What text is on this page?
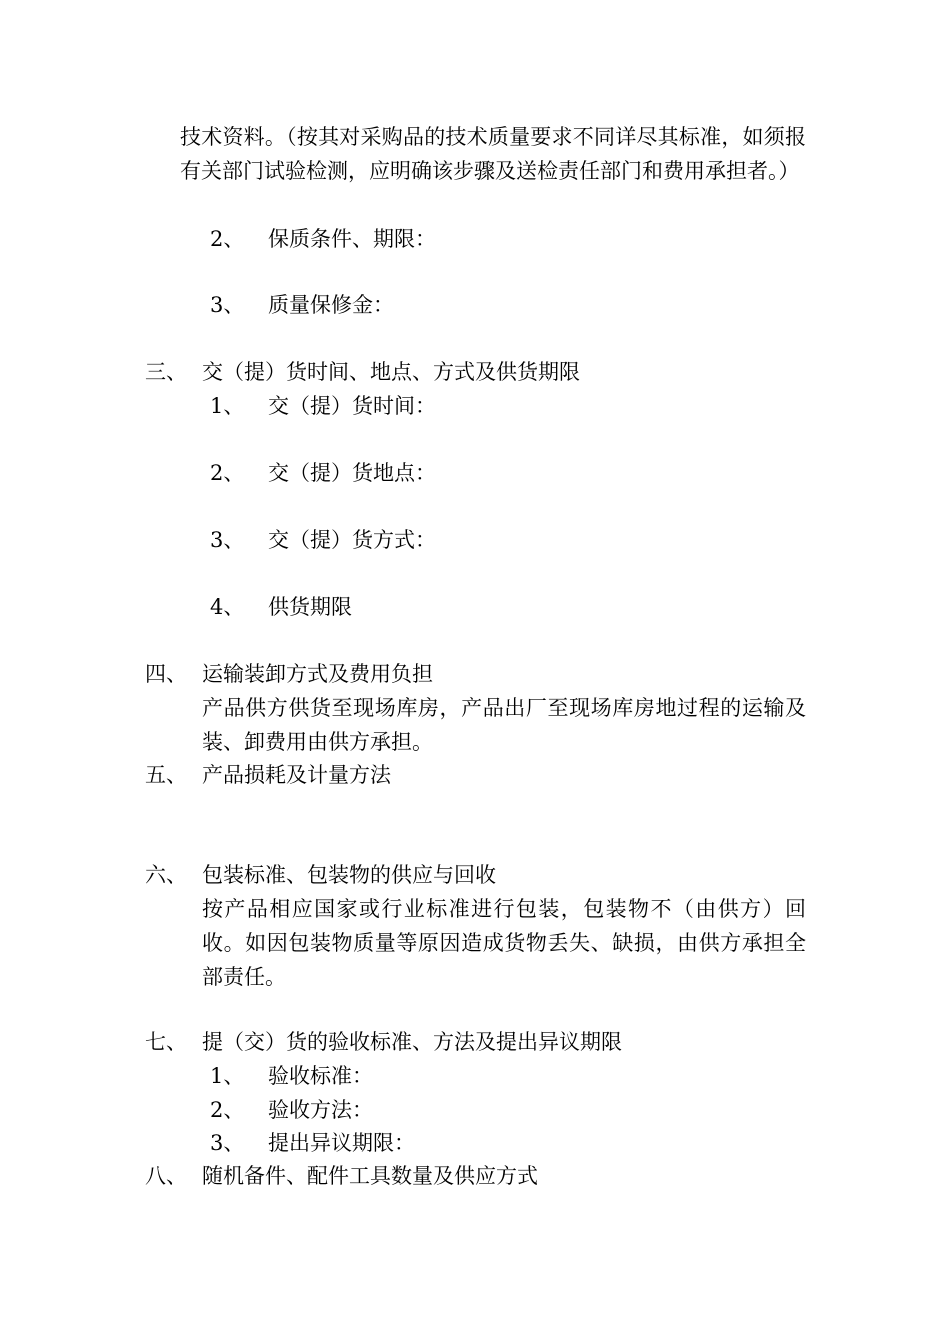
技术资料。（按其对采购品的技术质量要求不同详尽其标准，如须报有关部门试验检测，应明确该步骤及送检责任部门和费用承担者。）
2、 保质条件、期限：
3、 质量保修金：
三、 交（提）货时间、地点、方式及供货期限
1、 交（提）货时间：
2、 交（提）货地点：
3、 交（提）货方式：
4、 供货期限
四、 运输装卸方式及费用负担
产品供方供货至现场库房，产品出厂至现场库房地过程的运输及装、卸费用由供方承担。
五、 产品损耗及计量方法
六、 包装标准、包装物的供应与回收
按产品相应国家或行业标准进行包装，包装物不（由供方）回收。如因包装物质量等原因造成货物丢失、缺损，由供方承担全部责任。
七、 提（交）货的验收标准、方法及提出异议期限
1、 验收标准：
2、 验收方法：
3、 提出异议期限：
八、 随机备件、配件工具数量及供应方式
